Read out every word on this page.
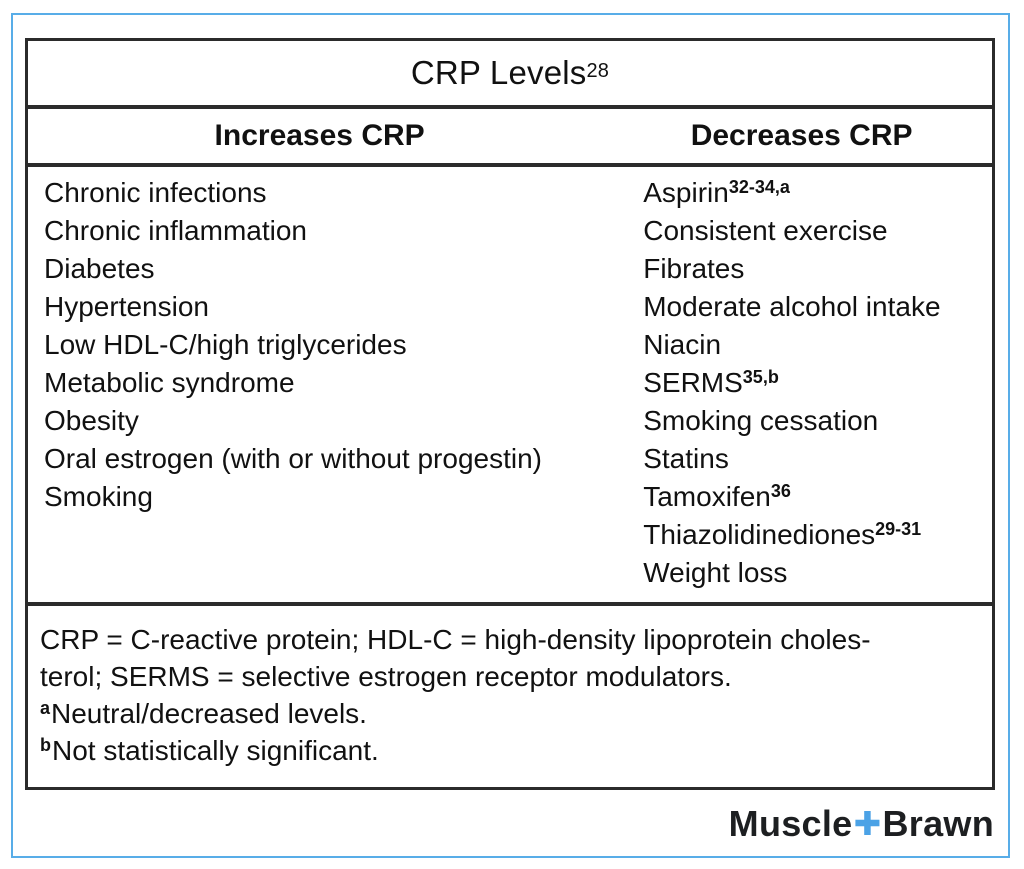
CRP Levels$^{28}$
Increases CRP	Decreases CRP
Chronic infections
Chronic inflammation
Diabetes
Hypertension
Low HDL-C/high triglycerides
Metabolic syndrome
Obesity
Oral estrogen (with or without progestin)
Smoking
Aspirin$^{32-34,a}$
Consistent exercise
Fibrates
Moderate alcohol intake
Niacin
SERMS$^{35,b}$
Smoking cessation
Statins
Tamoxifen$^{36}$
Thiazolidinediones$^{29-31}$
Weight loss
CRP = C-reactive protein; HDL-C = high-density lipoprotein choles-
terol; SERMS = selective estrogen receptor modulators.
$^a$Neutral/decreased levels.
$^b$Not statistically significant.
Muscle✚Brawn
